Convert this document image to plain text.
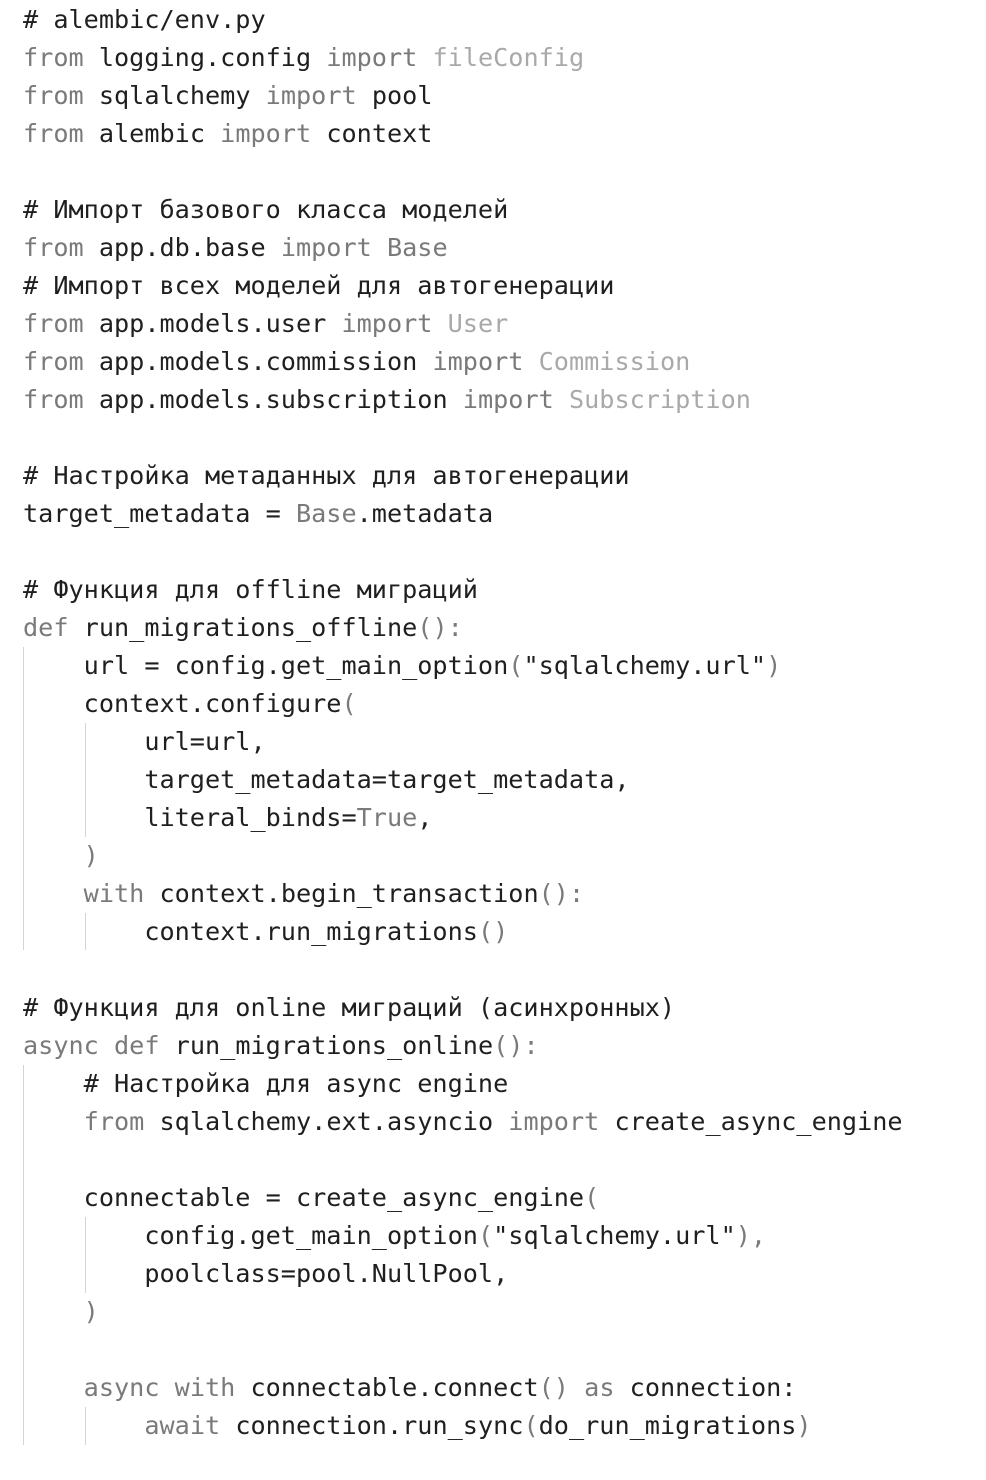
# alembic/env.py
from logging.config import fileConfig
from sqlalchemy import pool
from alembic import context
# Импорт базового класса моделей
from app.db.base import Base
# Импорт всех моделей для автогенерации
from app.models.user import User
from app.models.commission import Commission
from app.models.subscription import Subscription
# Настройка метаданных для автогенерации
target_metadata = Base.metadata
# Функция для offline миграций
def run_migrations_offline():
url = config.get_main_option("sqlalchemy.url")
context.configure(
url=url,
target_metadata=target_metadata,
literal_binds=True,
)
with context.begin_transaction():
context.run_migrations()
# Функция для online миграций (асинхронных)
async def run_migrations_online():
# Настройка для async engine
from sqlalchemy.ext.asyncio import create_async_engine
connectable = create_async_engine(
config.get_main_option("sqlalchemy.url"),
poolclass=pool.NullPool,
)
async with connectable.connect() as connection:
await connection.run_sync(do_run_migrations)
